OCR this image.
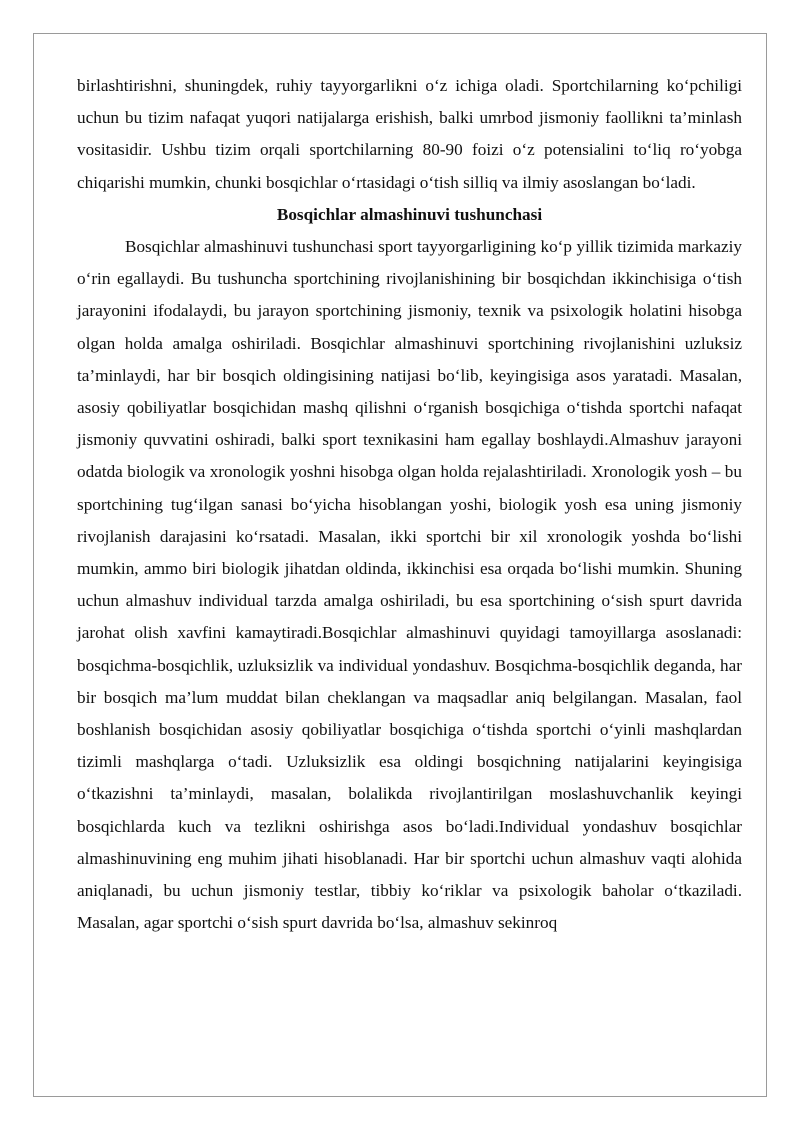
birlashtirishni, shuningdek, ruhiy tayyorgarlikni o‘z ichiga oladi. Sportchilarning ko‘pchiligi uchun bu tizim nafaqat yuqori natijalarga erishish, balki umrbod jismoniy faollikni ta’minlash vositasidir. Ushbu tizim orqali sportchilarning 80-90 foizi o‘z potensialini to‘liq ro‘yobga chiqarishi mumkin, chunki bosqichlar o‘rtasidagi o‘tish silliq va ilmiy asoslangan bo‘ladi.

Bosqichlar almashinuvi tushunchasi

Bosqichlar almashinuvi tushunchasi sport tayyorgarligining ko‘p yillik tizimida markaziy o‘rin egallaydi. Bu tushuncha sportchining rivojlanishining bir bosqichdan ikkinchisiga o‘tish jarayonini ifodalaydi, bu jarayon sportchining jismoniy, texnik va psixologik holatini hisobga olgan holda amalga oshiriladi. Bosqichlar almashinuvi sportchining rivojlanishini uzluksiz ta’minlaydi, har bir bosqich oldingisining natijasi bo‘lib, keyingisiga asos yaratadi. Masalan, asosiy qobiliyatlar bosqichidan mashq qilishni o‘rganish bosqichiga o‘tishda sportchi nafaqat jismoniy quvvatini oshiradi, balki sport texnikasini ham egallay boshlaydi.Almashuv jarayoni odatda biologik va xronologik yoshni hisobga olgan holda rejalashtiriladi. Xronologik yosh – bu sportchining tug‘ilgan sanasi bo‘yicha hisoblangan yoshi, biologik yosh esa uning jismoniy rivojlanish darajasini ko‘rsatadi. Masalan, ikki sportchi bir xil xronologik yoshda bo‘lishi mumkin, ammo biri biologik jihatdan oldinda, ikkinchisi esa orqada bo‘lishi mumkin. Shuning uchun almashuv individual tarzda amalga oshiriladi, bu esa sportchining o‘sish spurt davrida jarohat olish xavfini kamaytiradi.Bosqichlar almashinuvi quyidagi tamoyillarga asoslanadi: bosqichma-bosqichlik, uzluksizlik va individual yondashuv. Bosqichma-bosqichlik deganda, har bir bosqich ma’lum muddat bilan cheklangan va maqsadlar aniq belgilangan. Masalan, faol boshlanish bosqichidan asosiy qobiliyatlar bosqichiga o‘tishda sportchi o‘yinli mashqlardan tizimli mashqlarga o‘tadi. Uzluksizlik esa oldingi bosqichning natijalarini keyingisiga o‘tkazishni ta’minlaydi, masalan, bolalikda rivojlantirilgan moslashuvchanlik keyingi bosqichlarda kuch va tezlikni oshirishga asos bo‘ladi.Individual yondashuv bosqichlar almashinuvining eng muhim jihati hisoblanadi. Har bir sportchi uchun almashuv vaqti alohida aniqlanadi, bu uchun jismoniy testlar, tibbiy ko‘riklar va psixologik baholar o‘tkaziladi. Masalan, agar sportchi o‘sish spurt davrida bo‘lsa, almashuv sekinroq
